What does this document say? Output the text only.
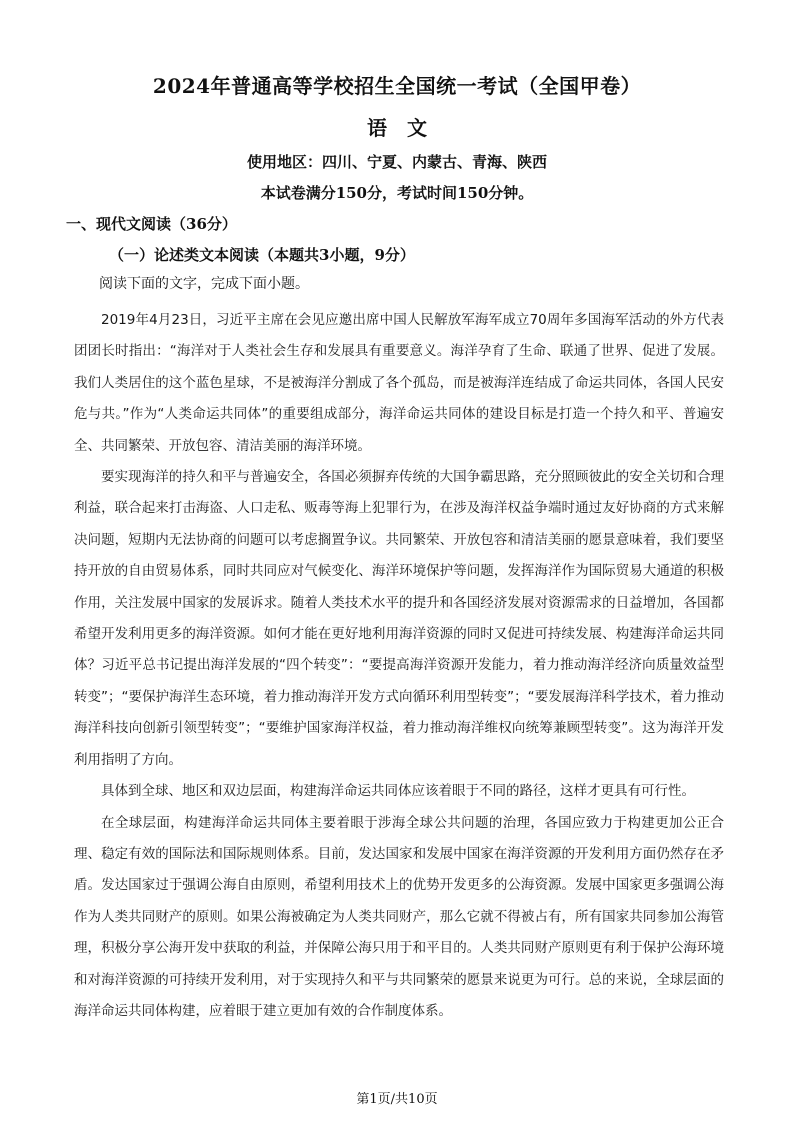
2024年普通高等学校招生全国统一考试（全国甲卷）
语文
使用地区：四川、宁夏、内蒙古、青海、陕西
本试卷满分150分，考试时间150分钟。
一、现代文阅读（36分）
（一）论述类文本阅读（本题共3小题，9分）
阅读下面的文字，完成下面小题。

2019年4月23日，习近平主席在会见应邀出席中国人民解放军海军成立70周年多国海军活动的外方代表团团长时指出：“海洋对于人类社会生存和发展具有重要意义。海洋孕育了生命、联通了世界、促进了发展。我们人类居住的这个蓝色星球，不是被海洋分割成了各个孤岛，而是被海洋连结成了命运共同体，各国人民安危与共。”作为“人类命运共同体”的重要组成部分，海洋命运共同体的建设目标是打造一个持久和平、普遍安全、共同繁荣、开放包容、清洁美丽的海洋环境。

要实现海洋的持久和平与普遍安全，各国必须摒弃传统的大国争霸思路，充分照顾彼此的安全关切和合理利益，联合起来打击海盗、人口走私、贩毒等海上犯罪行为，在涉及海洋权益争端时通过友好协商的方式来解决问题，短期内无法协商的问题可以考虑搁置争议。共同繁荣、开放包容和清洁美丽的愿景意味着，我们要坚持开放的自由贸易体系，同时共同应对气候变化、海洋环境保护等问题，发挥海洋作为国际贸易大通道的积极作用，关注发展中国家的发展诉求。随着人类技术水平的提升和各国经济发展对资源需求的日益增加，各国都希望开发利用更多的海洋资源。如何才能在更好地利用海洋资源的同时又促进可持续发展、构建海洋命运共同体？习近平总书记提出海洋发展的“四个转变”：“要提高海洋资源开发能力，着力推动海洋经济向质量效益型转变”；“要保护海洋生态环境，着力推动海洋开发方式向循环利用型转变”；“要发展海洋科学技术，着力推动海洋科技向创新引领型转变”；“要维护国家海洋权益，着力推动海洋维权向统筹兼顾型转变”。这为海洋开发利用指明了方向。

具体到全球、地区和双边层面，构建海洋命运共同体应该着眼于不同的路径，这样才更具有可行性。

在全球层面，构建海洋命运共同体主要着眼于涉海全球公共问题的治理，各国应致力于构建更加公正合理、稳定有效的国际法和国际规则体系。目前，发达国家和发展中国家在海洋资源的开发利用方面仍然存在矛盾。发达国家过于强调公海自由原则，希望利用技术上的优势开发更多的公海资源。发展中国家更多强调公海作为人类共同财产的原则。如果公海被确定为人类共同财产，那么它就不得被占有，所有国家共同参加公海管理，积极分享公海开发中获取的利益，并保障公海只用于和平目的。人类共同财产原则更有利于保护公海环境和对海洋资源的可持续开发利用，对于实现持久和平与共同繁荣的愿景来说更为可行。总的来说，全球层面的海洋命运共同体构建，应着眼于建立更加有效的合作制度体系。

第1页/共10页
